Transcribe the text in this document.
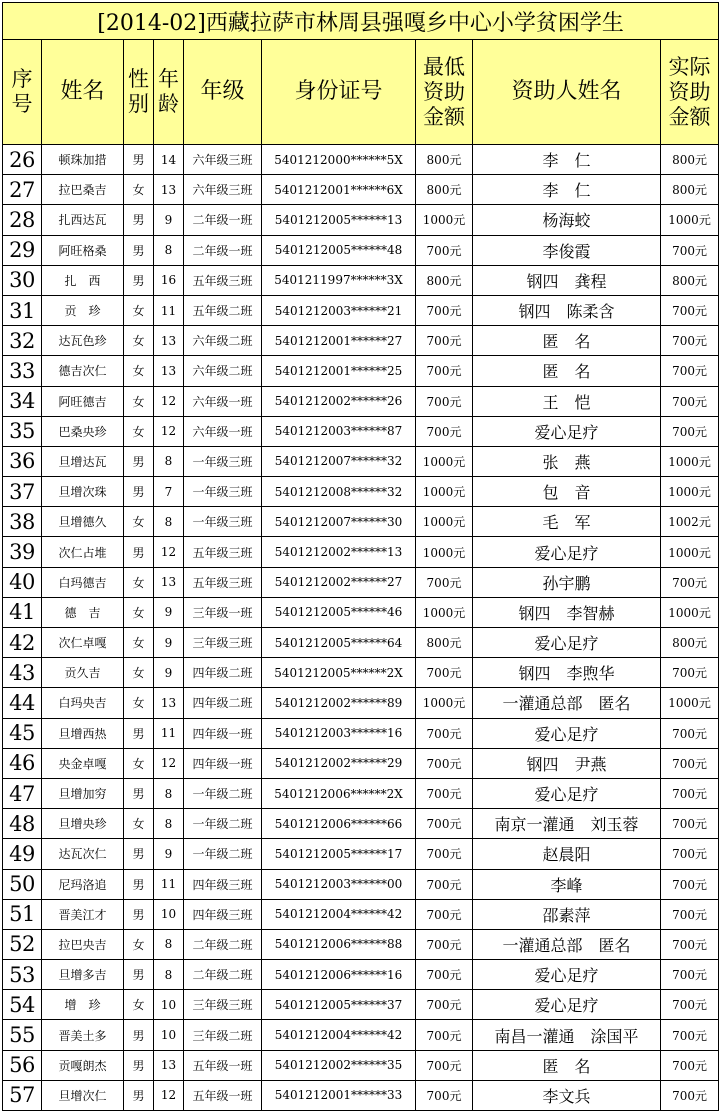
[2014-02]西藏拉萨市林周县强嘎乡中心小学贫困学生								
序号	姓名	性别	年龄	年级	身份证号	最低资助金额	资助人姓名	实际资助金额
26	顿珠加措	男	14	六年级三班	5401212000******5X	800元	李　仁	800元
27	拉巴桑吉	女	13	六年级三班	5401212001******6X	800元	李　仁	800元
28	扎西达瓦	男	9	二年级一班	5401212005******13	1000元	杨海蛟	1000元
29	阿旺格桑	男	8	二年级一班	5401212005******48	700元	李俊霞	700元
30	扎　西	男	16	五年级三班	5401211997******3X	800元	钢四　龚程	800元
31	贡　珍	女	11	五年级二班	5401212003******21	700元	钢四　陈柔含	700元
32	达瓦色珍	女	13	六年级二班	5401212001******27	700元	匿　名	700元
33	德吉次仁	女	13	六年级二班	5401212001******25	700元	匿　名	700元
34	阿旺德吉	女	12	六年级一班	5401212002******26	700元	王　恺	700元
35	巴桑央珍	女	12	六年级一班	5401212003******87	700元	爱心足疗	700元
36	旦增达瓦	男	8	一年级三班	5401212007******32	1000元	张　燕	1000元
37	旦增次珠	男	7	一年级三班	5401212008******32	1000元	包　音	1000元
38	旦增德久	女	8	一年级三班	5401212007******30	1000元	毛　军	1002元
39	次仁占堆	男	12	五年级三班	5401212002******13	1000元	爱心足疗	1000元
40	白玛德吉	女	13	五年级三班	5401212002******27	700元	孙宇鹏	700元
41	德　吉	女	9	三年级一班	5401212005******46	1000元	钢四　李智赫	1000元
42	次仁卓嘎	女	9	三年级三班	5401212005******64	800元	爱心足疗	800元
43	贡久吉	女	9	四年级二班	5401212005******2X	700元	钢四　李煦华	700元
44	白玛央吉	女	13	四年级二班	5401212002******89	1000元	一灌通总部　匿名	1000元
45	旦增西热	男	11	四年级一班	5401212003******16	700元	爱心足疗	700元
46	央金卓嘎	女	12	四年级一班	5401212002******29	700元	钢四　尹燕	700元
47	旦增加穷	男	8	一年级二班	5401212006******2X	700元	爱心足疗	700元
48	旦增央珍	女	8	一年级二班	5401212006******66	700元	南京一灌通　刘玉蓉	700元
49	达瓦次仁	男	9	一年级二班	5401212005******17	700元	赵晨阳	700元
50	尼玛洛追	男	11	四年级三班	5401212003******00	700元	李峰	700元
51	晋美江才	男	10	四年级三班	5401212004******42	700元	邵素萍	700元
52	拉巴央吉	女	8	二年级二班	5401212006******88	700元	一灌通总部　匿名	700元
53	旦增多吉	男	8	二年级二班	5401212006******16	700元	爱心足疗	700元
54	增　珍	女	10	三年级三班	5401212005******37	700元	爱心足疗	700元
55	晋美土多	男	10	三年级二班	5401212004******42	700元	南昌一灌通　涂国平	700元
56	贡嘎朗杰	男	13	五年级一班	5401212002******35	700元	匿　名	700元
57	旦增次仁	男	12	五年级一班	5401212001******33	700元	李文兵	700元
